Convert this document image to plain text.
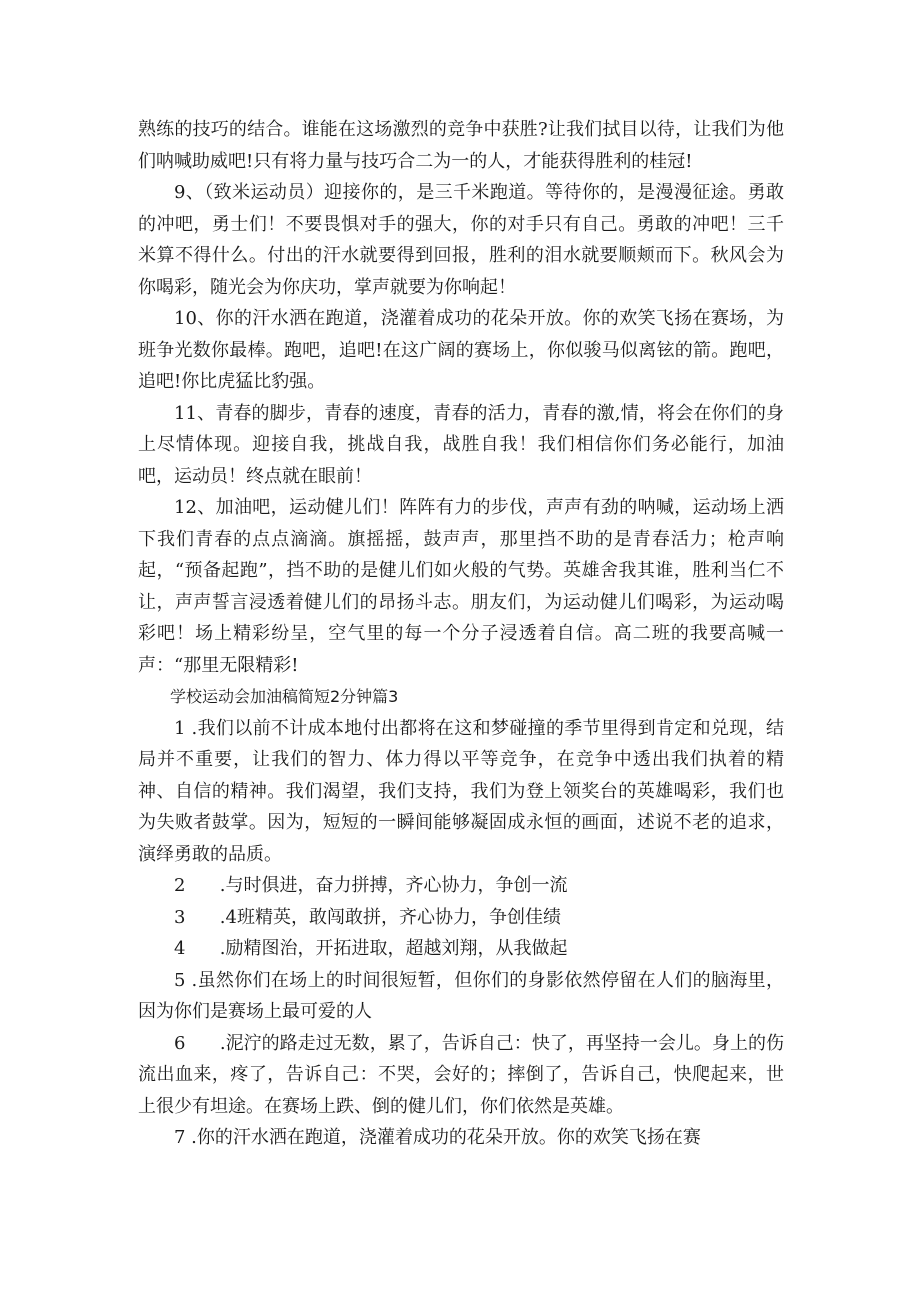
熟练的技巧的结合。谁能在这场激烈的竞争中获胜?让我们拭目以待，让我们为他们呐喊助威吧!只有将力量与技巧合二为一的人，才能获得胜利的桂冠!

9、（致米运动员）迎接你的，是三千米跑道。等待你的，是漫漫征途。勇敢的冲吧，勇士们！不要畏惧对手的强大，你的对手只有自己。勇敢的冲吧！三千米算不得什么。付出的汗水就要得到回报，胜利的泪水就要顺颊而下。秋风会为你喝彩，随光会为你庆功，掌声就要为你响起！

10、你的汗水洒在跑道，浇灌着成功的花朵开放。你的欢笑飞扬在赛场，为班争光数你最棒。跑吧，追吧!在这广阔的赛场上，你似骏马似离铉的箭。跑吧，追吧!你比虎猛比豹强。

11、青春的脚步，青春的速度，青春的活力，青春的激,情，将会在你们的身上尽情体现。迎接自我，挑战自我，战胜自我！我们相信你们务必能行，加油吧，运动员！终点就在眼前！

12、加油吧，运动健儿们！阵阵有力的步伐，声声有劲的呐喊，运动场上洒下我们青春的点点滴滴。旗摇摇，鼓声声，那里挡不助的是青春活力；枪声响起，“预备起跑”，挡不助的是健儿们如火般的气势。英雄舍我其谁，胜利当仁不让，声声誓言浸透着健儿们的昂扬斗志。朋友们，为运动健儿们喝彩，为运动喝彩吧！场上精彩纷呈，空气里的每一个分子浸透着自信。高二班的我要高喊一声：“那里无限精彩!

学校运动会加油稿简短2分钟篇3

1 .我们以前不计成本地付出都将在这和梦碰撞的季节里得到肯定和兑现，结局并不重要，让我们的智力、体力得以平等竞争，在竞争中透出我们执着的精神、自信的精神。我们渴望，我们支持，我们为登上领奖台的英雄喝彩，我们也为失败者鼓掌。因为，短短的一瞬间能够凝固成永恒的画面，述说不老的追求，演绎勇敢的品质。

2      .与时俱进，奋力拼搏，齐心协力，争创一流

3      .4班精英，敢闯敢拼，齐心协力，争创佳绩

4      .励精图治，开拓进取，超越刘翔，从我做起

5 .虽然你们在场上的时间很短暂，但你们的身影依然停留在人们的脑海里，因为你们是赛场上最可爱的人

6      .泥泞的路走过无数，累了，告诉自己：快了，再坚持一会儿。身上的伤流出血来，疼了，告诉自己：不哭，会好的；摔倒了，告诉自己，快爬起来，世上很少有坦途。在赛场上跌、倒的健儿们，你们依然是英雄。

7 .你的汗水洒在跑道，浇灌着成功的花朵开放。你的欢笑飞扬在赛
